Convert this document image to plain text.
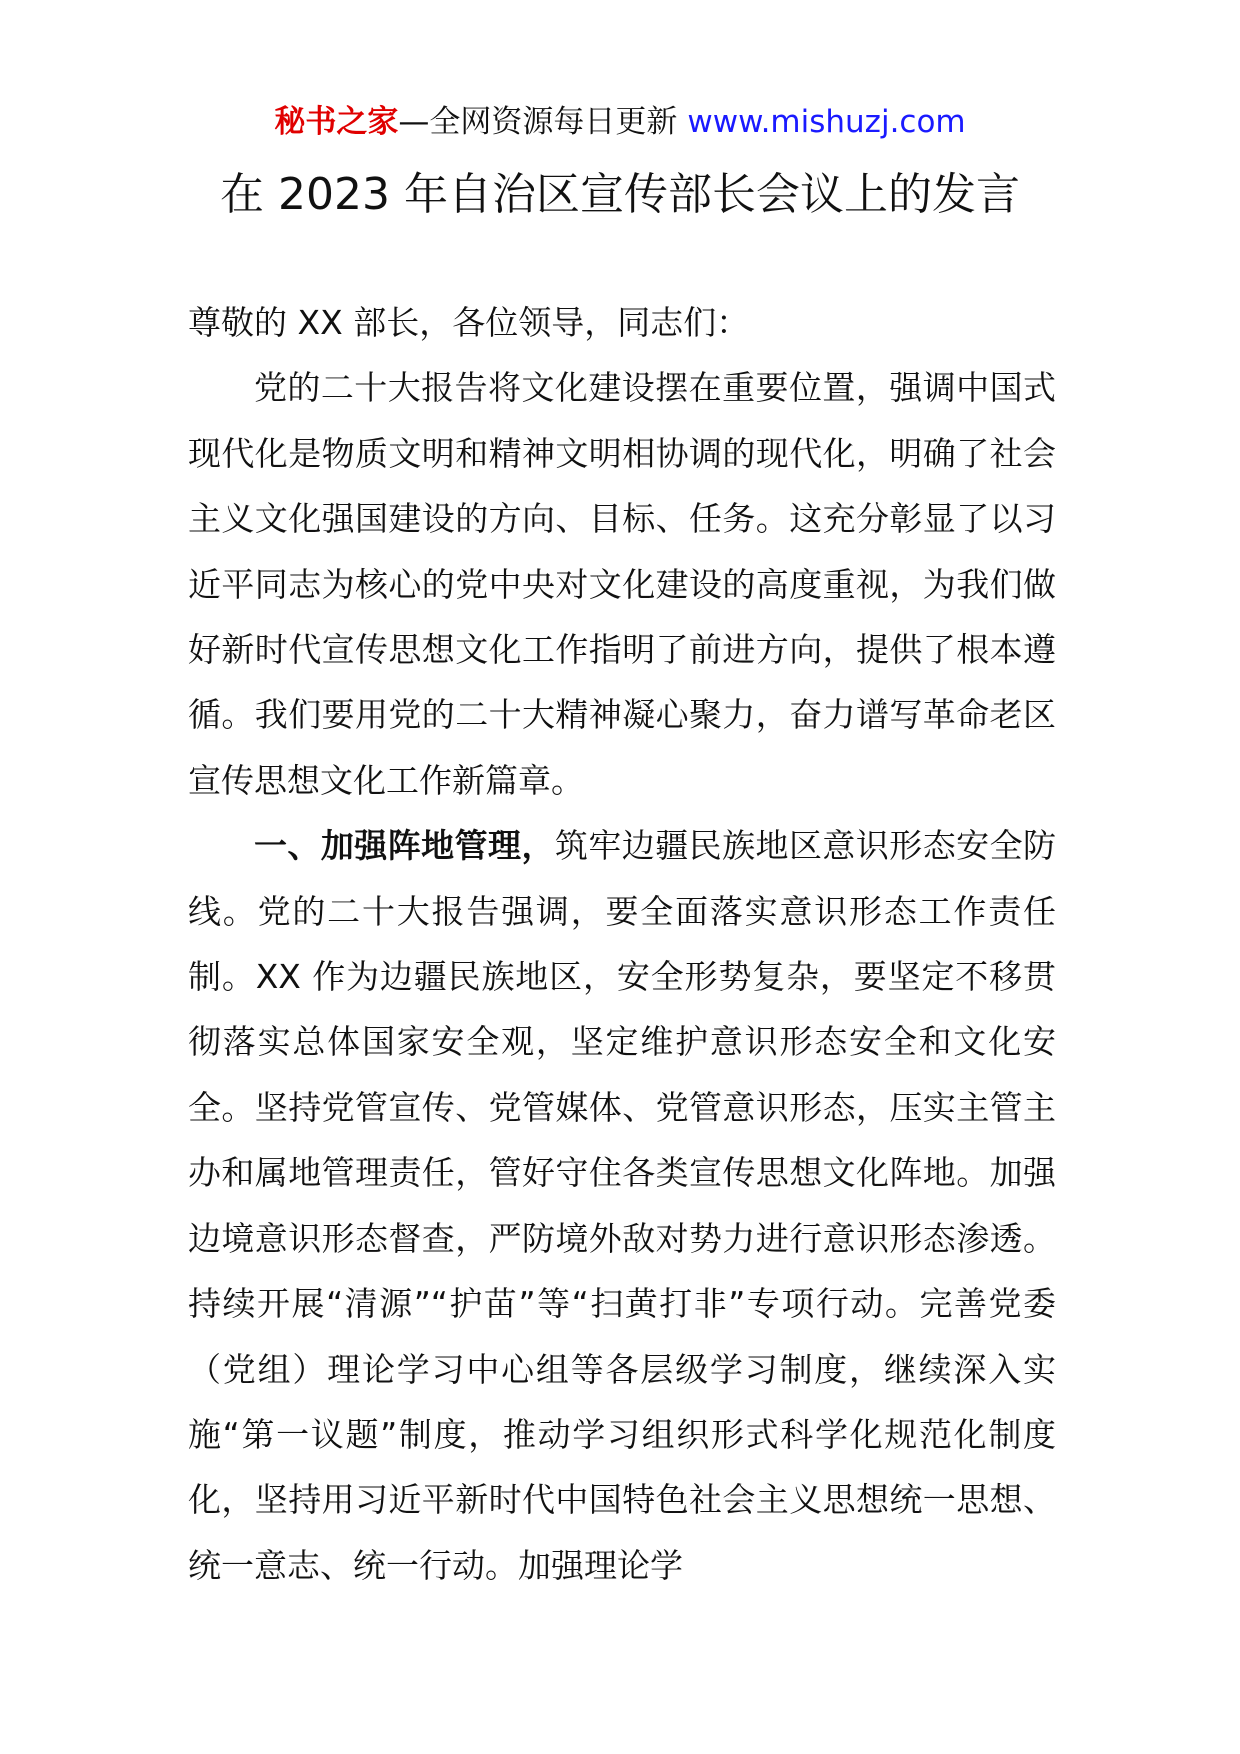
秘书之家—全网资源每日更新 www.mishuzj.com
在 2023 年自治区宣传部长会议上的发言

尊敬的 XX 部长，各位领导，同志们：

党的二十大报告将文化建设摆在重要位置，强调中国式现代化是物质文明和精神文明相协调的现代化，明确了社会主义文化强国建设的方向、目标、任务。这充分彰显了以习近平同志为核心的党中央对文化建设的高度重视，为我们做好新时代宣传思想文化工作指明了前进方向，提供了根本遵循。我们要用党的二十大精神凝心聚力，奋力谱写革命老区宣传思想文化工作新篇章。

一、加强阵地管理，筑牢边疆民族地区意识形态安全防线。党的二十大报告强调，要全面落实意识形态工作责任制。XX 作为边疆民族地区，安全形势复杂，要坚定不移贯彻落实总体国家安全观，坚定维护意识形态安全和文化安全。坚持党管宣传、党管媒体、党管意识形态，压实主管主办和属地管理责任，管好守住各类宣传思想文化阵地。加强边境意识形态督查，严防境外敌对势力进行意识形态渗透。持续开展“清源”“护苗”等“扫黄打非”专项行动。完善党委（党组）理论学习中心组等各层级学习制度，继续深入实施“第一议题”制度，推动学习组织形式科学化规范化制度化，坚持用习近平新时代中国特色社会主义思想统一思想、统一意志、统一行动。加强理论学
